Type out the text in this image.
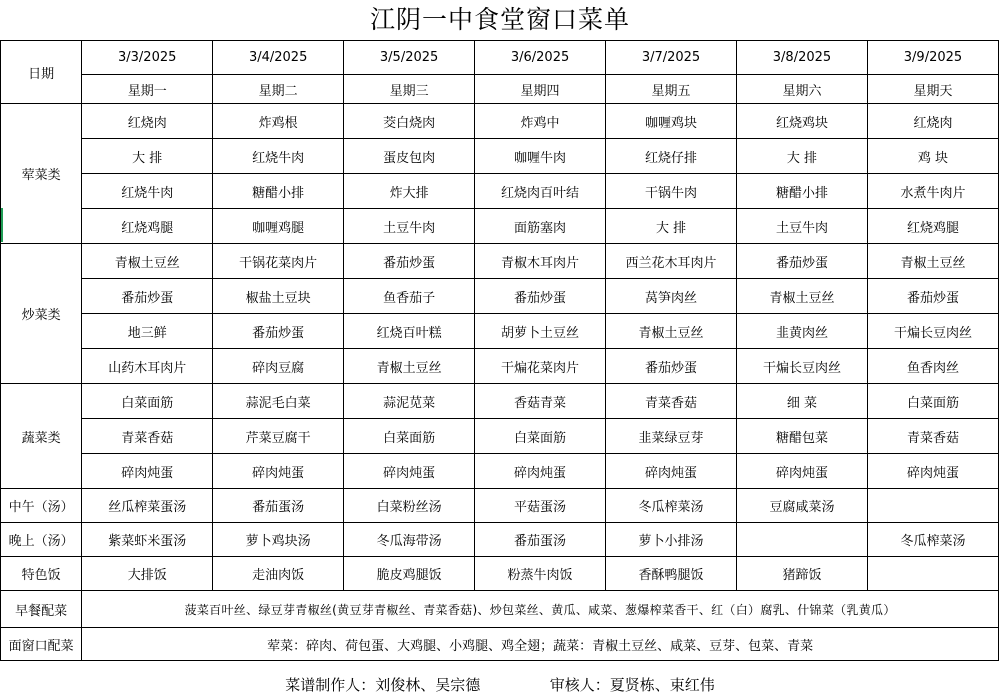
江阴一中食堂窗口菜单
日期	3/3/2025	3/4/2025	3/5/2025	3/6/2025	3/7/2025	3/8/2025	3/9/2025
	星期一	星期二	星期三	星期四	星期五	星期六	星期天
荤菜类	红烧肉	炸鸡根	茭白烧肉	炸鸡中	咖喱鸡块	红烧鸡块	红烧肉
	大 排	红烧牛肉	蛋皮包肉	咖喱牛肉	红烧仔排	大 排	鸡 块
	红烧牛肉	糖醋小排	炸大排	红烧肉百叶结	干锅牛肉	糖醋小排	水煮牛肉片
	红烧鸡腿	咖喱鸡腿	土豆牛肉	面筋塞肉	大 排	土豆牛肉	红烧鸡腿
炒菜类	青椒土豆丝	干锅花菜肉片	番茄炒蛋	青椒木耳肉片	西兰花木耳肉片	番茄炒蛋	青椒土豆丝
	番茄炒蛋	椒盐土豆块	鱼香茄子	番茄炒蛋	莴笋肉丝	青椒土豆丝	番茄炒蛋
	地三鲜	番茄炒蛋	红烧百叶糕	胡萝卜土豆丝	青椒土豆丝	韭黄肉丝	干煸长豆肉丝
	山药木耳肉片	碎肉豆腐	青椒土豆丝	干煸花菜肉片	番茄炒蛋	干煸长豆肉丝	鱼香肉丝
蔬菜类	白菜面筋	蒜泥毛白菜	蒜泥苋菜	香菇青菜	青菜香菇	细 菜	白菜面筋
	青菜香菇	芹菜豆腐干	白菜面筋	白菜面筋	韭菜绿豆芽	糖醋包菜	青菜香菇
	碎肉炖蛋	碎肉炖蛋	碎肉炖蛋	碎肉炖蛋	碎肉炖蛋	碎肉炖蛋	碎肉炖蛋
中午（汤）	丝瓜榨菜蛋汤	番茄蛋汤	白菜粉丝汤	平菇蛋汤	冬瓜榨菜汤	豆腐咸菜汤	
晚上（汤）	紫菜虾米蛋汤	萝卜鸡块汤	冬瓜海带汤	番茄蛋汤	萝卜小排汤		冬瓜榨菜汤
特色饭	大排饭	走油肉饭	脆皮鸡腿饭	粉蒸牛肉饭	香酥鸭腿饭	猪蹄饭	
早餐配菜	菠菜百叶丝、绿豆芽青椒丝(黄豆芽青椒丝、青菜香菇)、炒包菜丝、黄瓜、咸菜、葱爆榨菜香干、红（白）腐乳、什锦菜（乳黄瓜）						
面窗口配菜	荤菜：碎肉、荷包蛋、大鸡腿、小鸡腿、鸡全翅；蔬菜：青椒土豆丝、咸菜、豆芽、包菜、青菜						
菜谱制作人：刘俊林、吴宗德	审核人：夏贤栋、束红伟
